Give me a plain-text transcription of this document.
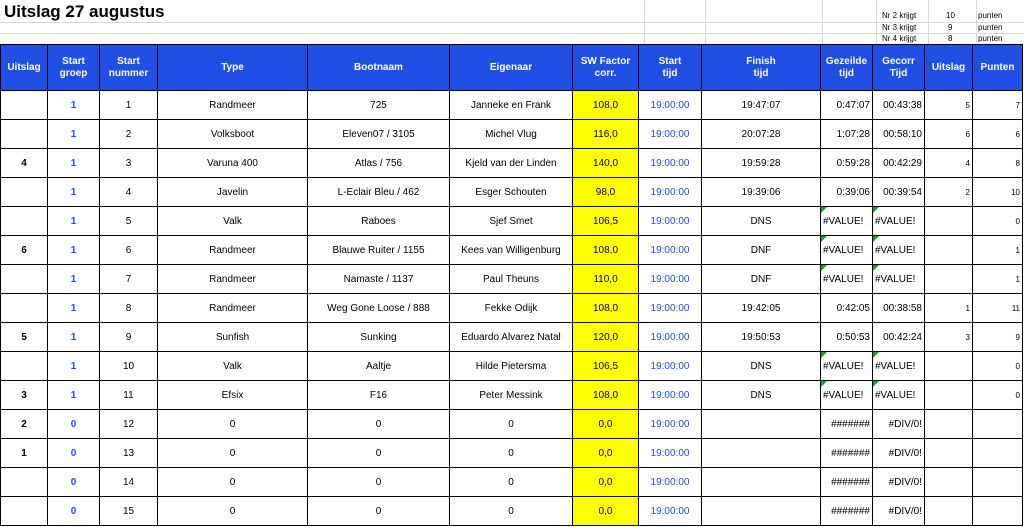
Uitslag 27 augustus	Nr 2 krijgt	10	punten
Nr 3 krijgt	9	punten
Nr 4 krijgt	8	punten
Uitslag	Start groep	Start nummer	Type	Bootnaam	Eigenaar	SW Factor corr.	Start tijd	Finish tijd	Gezeilde tijd	Gecorr Tijd	Uitslag	Punten
	1	1	Randmeer	725	Janneke en Frank	108,0	19:00:00	19:47:07	0:47:07	00:43:38	5	7
	1	2	Volksboot	Eleven07 / 3105	Michel Vlug	116,0	19:00:00	20:07:28	1:07:28	00:58:10	6	6
4	1	3	Varuna 400	Atlas / 756	Kjeld van der Linden	140,0	19:00:00	19:59:28	0:59:28	00:42:29	4	8
	1	4	Javelin	L-Eclair Bleu / 462	Esger Schouten	98,0	19:00:00	19:39:06	0:39:06	00:39:54	2	10
	1	5	Valk	Raboes	Sjef Smet	106,5	19:00:00	DNS	#VALUE!	#VALUE!		0
6	1	6	Randmeer	Blauwe Ruiter / 1155	Kees van Willigenburg	108,0	19:00:00	DNF	#VALUE!	#VALUE!		1
	1	7	Randmeer	Namaste / 1137	Paul Theuns	110,0	19:00:00	DNF	#VALUE!	#VALUE!		1
	1	8	Randmeer	Weg Gone Loose / 888	Fekke Odijk	108,0	19:00:00	19:42:05	0:42:05	00:38:58	1	11
5	1	9	Sunfish	Sunking	Eduardo Alvarez Natal	120,0	19:00:00	19:50:53	0:50:53	00:42:24	3	9
	1	10	Valk	Aaltje	Hilde Pietersma	106,5	19:00:00	DNS	#VALUE!	#VALUE!		0
3	1	11	Efsix	F16	Peter Messink	108,0	19:00:00	DNS	#VALUE!	#VALUE!		0
2	0	12	0	0	0	0,0	19:00:00		#######	#DIV/0!		
1	0	13	0	0	0	0,0	19:00:00		#######	#DIV/0!		
	0	14	0	0	0	0,0	19:00:00		#######	#DIV/0!		
	0	15	0	0	0	0,0	19:00:00		#######	#DIV/0!		
